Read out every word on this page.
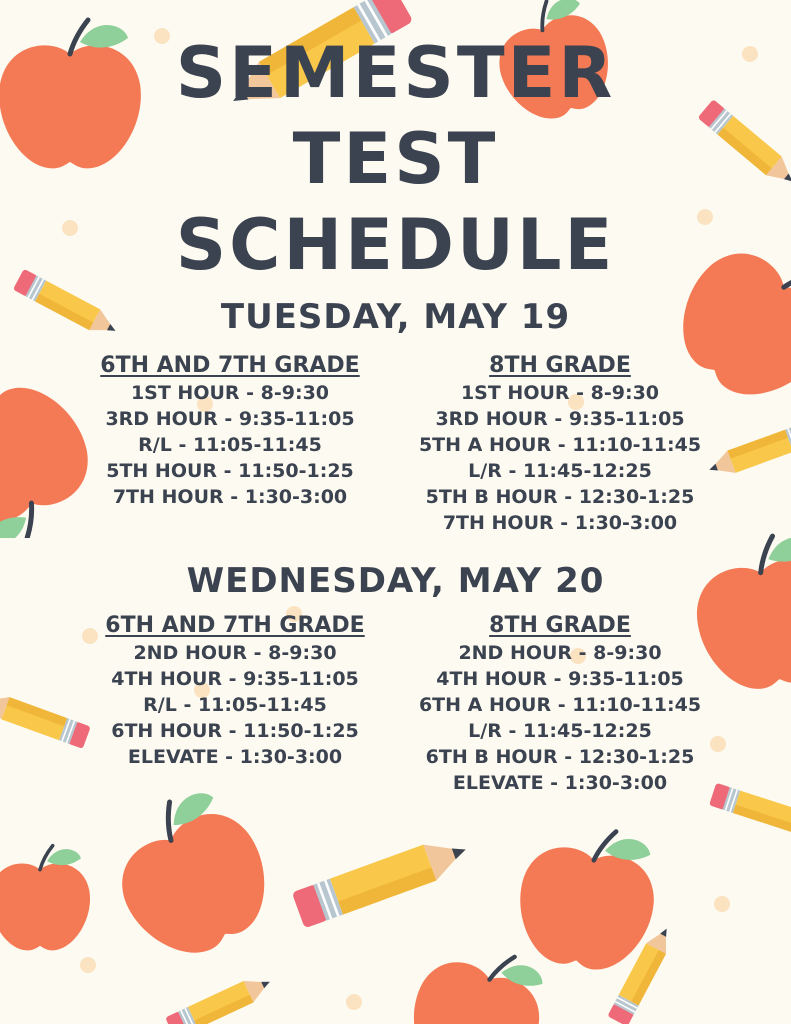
SEMESTER
TEST
SCHEDULE
TUESDAY, MAY 19
6TH AND 7TH GRADE
1ST HOUR - 8-9:30
3RD HOUR - 9:35-11:05
R/L - 11:05-11:45
5TH HOUR - 11:50-1:25
7TH HOUR - 1:30-3:00
8TH GRADE
1ST HOUR - 8-9:30
3RD HOUR - 9:35-11:05
5TH A HOUR - 11:10-11:45
L/R - 11:45-12:25
5TH B HOUR - 12:30-1:25
7TH HOUR - 1:30-3:00
WEDNESDAY, MAY 20
6TH AND 7TH GRADE
2ND HOUR - 8-9:30
4TH HOUR - 9:35-11:05
R/L - 11:05-11:45
6TH HOUR - 11:50-1:25
ELEVATE - 1:30-3:00
8TH GRADE
2ND HOUR - 8-9:30
4TH HOUR - 9:35-11:05
6TH A HOUR - 11:10-11:45
L/R - 11:45-12:25
6TH B HOUR - 12:30-1:25
ELEVATE - 1:30-3:00
